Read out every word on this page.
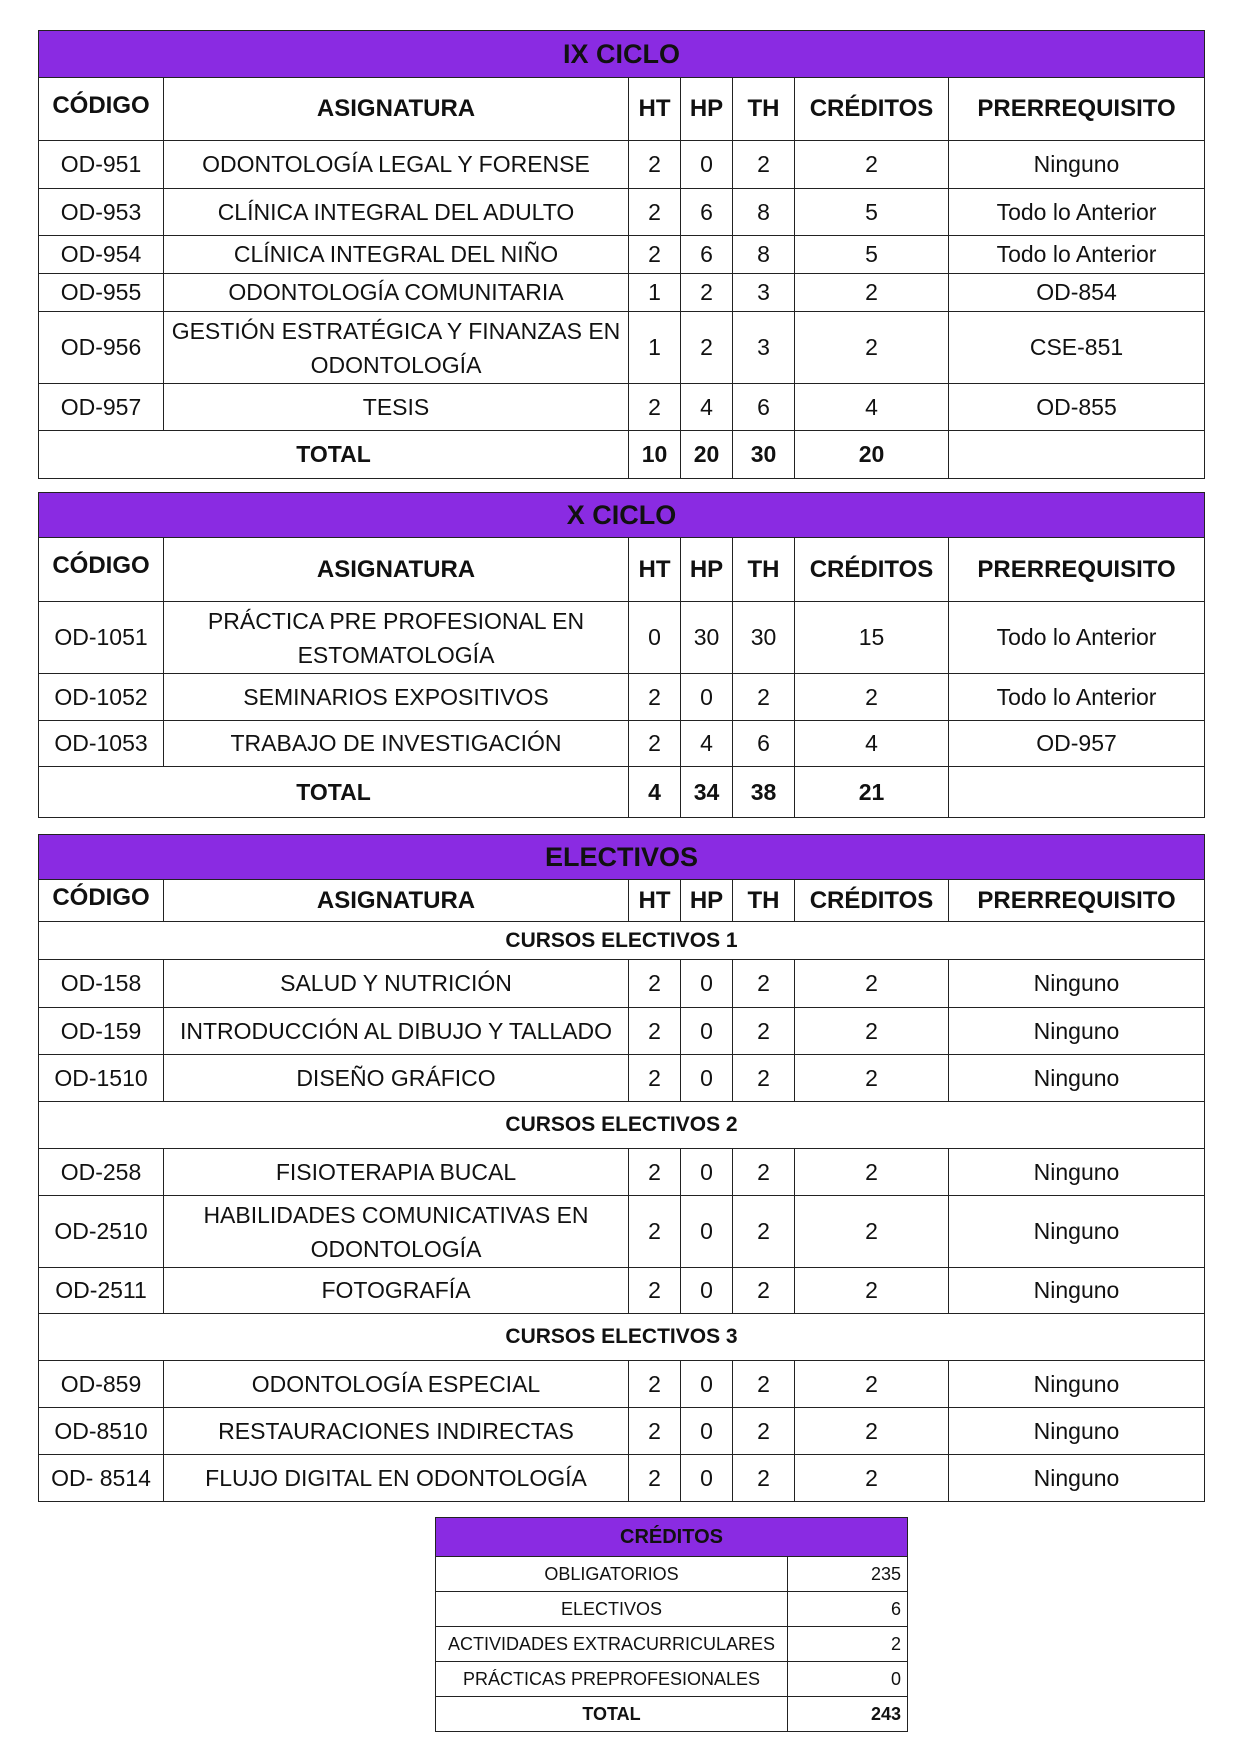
IX CICLO						
CÓDIGO	ASIGNATURA	HT	HP	TH	CRÉDITOS	PRERREQUISITO
OD-951	ODONTOLOGÍA LEGAL Y FORENSE	2	0	2	2	Ninguno
OD-953	CLÍNICA INTEGRAL DEL ADULTO	2	6	8	5	Todo lo Anterior
OD-954	CLÍNICA INTEGRAL DEL NIÑO	2	6	8	5	Todo lo Anterior
OD-955	ODONTOLOGÍA COMUNITARIA	1	2	3	2	OD-854
OD-956	GESTIÓN ESTRATÉGICA Y FINANZAS EN ODONTOLOGÍA	1	2	3	2	CSE-851
OD-957	TESIS	2	4	6	4	OD-855
TOTAL		10	20	30	20	
X CICLO						
CÓDIGO	ASIGNATURA	HT	HP	TH	CRÉDITOS	PRERREQUISITO
OD-1051	PRÁCTICA PRE PROFESIONAL EN ESTOMATOLOGÍA	0	30	30	15	Todo lo Anterior
OD-1052	SEMINARIOS EXPOSITIVOS	2	0	2	2	Todo lo Anterior
OD-1053	TRABAJO DE INVESTIGACIÓN	2	4	6	4	OD-957
TOTAL		4	34	38	21	
ELECTIVOS						
CÓDIGO	ASIGNATURA	HT	HP	TH	CRÉDITOS	PRERREQUISITO
CURSOS ELECTIVOS 1						
OD-158	SALUD Y NUTRICIÓN	2	0	2	2	Ninguno
OD-159	INTRODUCCIÓN AL DIBUJO Y TALLADO	2	0	2	2	Ninguno
OD-1510	DISEÑO GRÁFICO	2	0	2	2	Ninguno
CURSOS ELECTIVOS 2						
OD-258	FISIOTERAPIA BUCAL	2	0	2	2	Ninguno
OD-2510	HABILIDADES COMUNICATIVAS EN ODONTOLOGÍA	2	0	2	2	Ninguno
OD-2511	FOTOGRAFÍA	2	0	2	2	Ninguno
CURSOS ELECTIVOS 3						
OD-859	ODONTOLOGÍA ESPECIAL	2	0	2	2	Ninguno
OD-8510	RESTAURACIONES INDIRECTAS	2	0	2	2	Ninguno
OD- 8514	FLUJO DIGITAL EN ODONTOLOGÍA	2	0	2	2	Ninguno
CRÉDITOS	
OBLIGATORIOS	235
ELECTIVOS	6
ACTIVIDADES EXTRACURRICULARES	2
PRÁCTICAS PREPROFESIONALES	0
TOTAL	243
